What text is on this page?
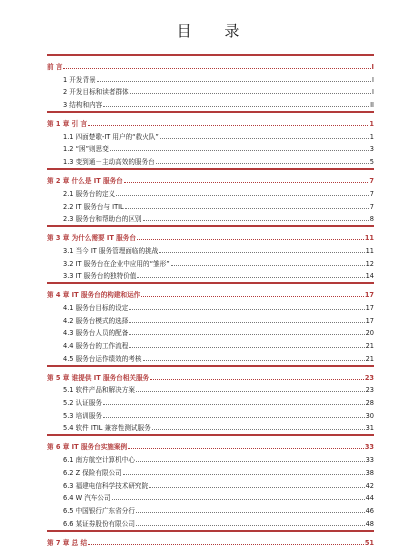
目 录
前 言	I
1 开发背景	I
2 开发目标和读者群体	I
3 结构和内容	II
第 1 章 引 言	1
1.1 四面楚歌-IT 用户的“救火队”	1
1.2 “困”则思变	3
1.3 变到通－主动高效的服务台	5
第 2 章 什么是 IT 服务台	7
2.1 服务台的定义	7
2.2 IT 服务台与 ITIL	7
2.3 服务台和帮助台的区别	8
第 3 章 为什么需要 IT 服务台	11
3.1 当今 IT 服务管理面临的挑战	11
3.2 IT 服务台在企业中应用的“雏形”	12
3.3 IT 服务台的独特价值	14
第 4 章 IT 服务台的构建和运作	17
4.1 服务台目标的设定	17
4.2 服务台模式的选择	17
4.3 服务台人员的配备	20
4.4 服务台的工作流程	21
4.5 服务台运作绩效的考核	21
第 5 章 谁提供 IT 服务台相关服务	23
5.1 软件产品和解决方案	23
5.2 认证服务	28
5.3 培训服务	30
5.4 软件 ITIL 兼容性测试服务	31
第 6 章 IT 服务台实施案例	33
6.1 南方航空计算机中心	33
6.2 Z 保险有限公司	38
6.3 福建电信科学技术研究院	42
6.4 W 汽车公司	44
6.5 中国银行广东省分行	46
6.6 某证券股份有限公司	48
第 7 章 总 结	51
